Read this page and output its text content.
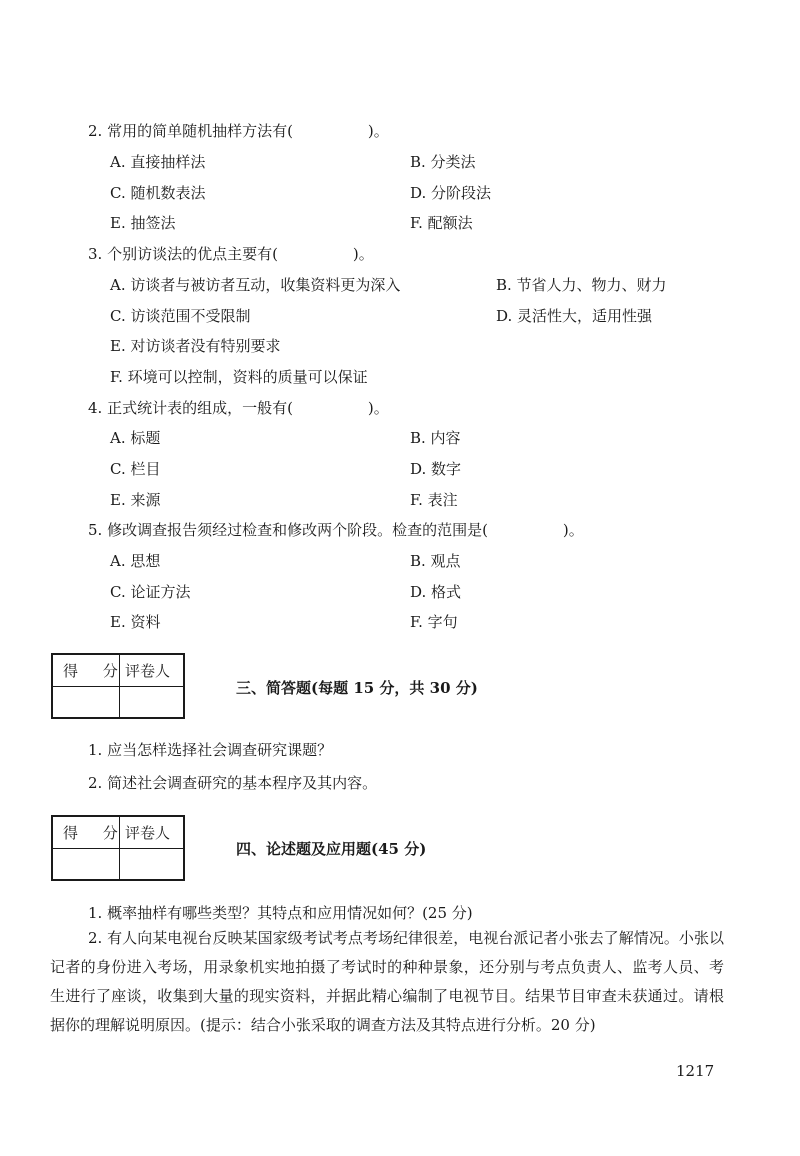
2. 常用的简单随机抽样方法有(　　　　　)。
A. 直接抽样法	B. 分类法
C. 随机数表法	D. 分阶段法
E. 抽签法	F. 配额法
3. 个别访谈法的优点主要有(　　　　　)。
A. 访谈者与被访者互动，收集资料更为深入	B. 节省人力、物力、财力
C. 访谈范围不受限制	D. 灵活性大，适用性强
E. 对访谈者没有特别要求
F. 环境可以控制，资料的质量可以保证
4. 正式统计表的组成，一般有(　　　　　)。
A. 标题	B. 内容
C. 栏目	D. 数字
E. 来源	F. 表注
5. 修改调查报告须经过检查和修改两个阶段。检查的范围是(　　　　　)。
A. 思想	B. 观点
C. 论证方法	D. 格式
E. 资料	F. 字句
得 分
评卷人
三、简答题(每题 15 分，共 30 分)
1. 应当怎样选择社会调查研究课题？
2. 简述社会调查研究的基本程序及其内容。
得 分
评卷人
四、论述题及应用题(45 分)
1. 概率抽样有哪些类型？其特点和应用情况如何？(25 分)
2. 有人向某电视台反映某国家级考试考点考场纪律很差，电视台派记者小张去了解情况。小张以记者的身份进入考场，用录象机实地拍摄了考试时的种种景象，还分别与考点负责人、监考人员、考生进行了座谈，收集到大量的现实资料，并据此精心编制了电视节目。结果节目审查未获通过。请根据你的理解说明原因。(提示：结合小张采取的调查方法及其特点进行分析。20 分)
1217
